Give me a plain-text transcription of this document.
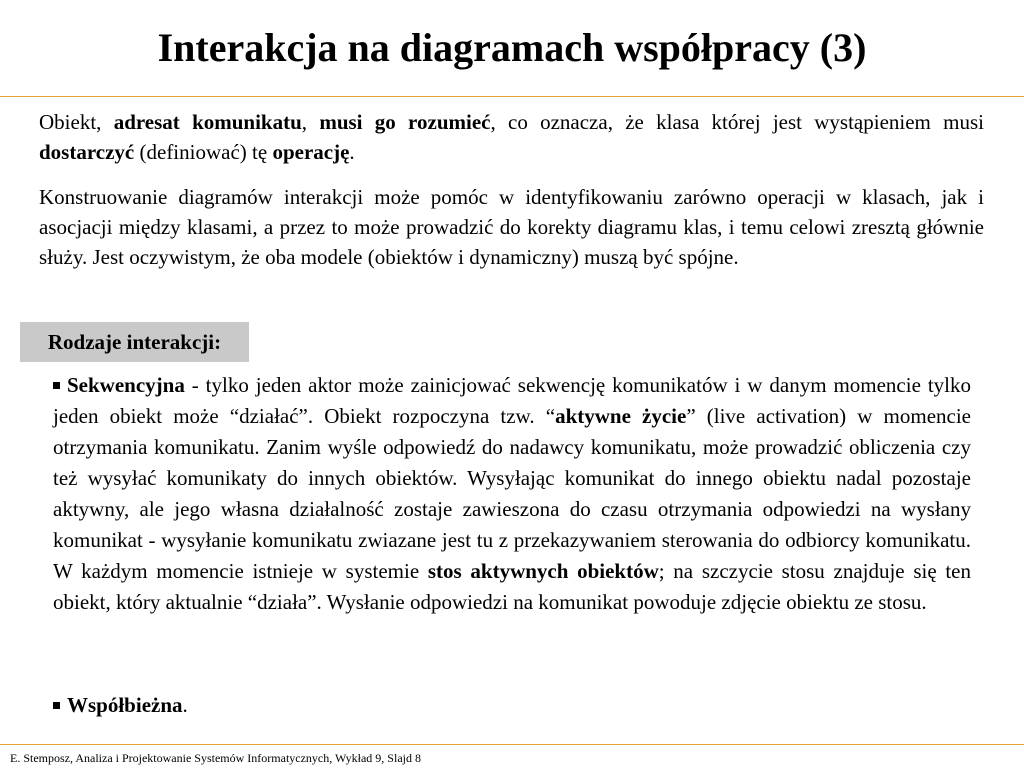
Interakcja na diagramach współpracy (3)

Obiekt, adresat komunikatu, musi go rozumieć, co oznacza, że klasa której jest wystąpieniem musi dostarczyć (definiować) tę operację.

Konstruowanie diagramów interakcji może pomóc w identyfikowaniu zarówno operacji w klasach, jak i asocjacji między klasami, a przez to może prowadzić do korekty diagramu klas, i temu celowi zresztą głównie służy. Jest oczywistym, że oba modele (obiektów i dynamiczny) muszą być spójne.

Rodzaje interakcji:

Sekwencyjna - tylko jeden aktor może zainicjować sekwencję komunikatów i w danym momencie tylko jeden obiekt może “działać”. Obiekt rozpoczyna tzw. “aktywne życie” (live activation) w momencie otrzymania komunikatu. Zanim wyśle odpowiedź do nadawcy komunikatu, może prowadzić obliczenia czy też wysyłać komunikaty do innych obiektów. Wysyłając komunikat do innego obiektu nadal pozostaje aktywny, ale jego własna działalność zostaje zawieszona do czasu otrzymania odpowiedzi na wysłany komunikat - wysyłanie komunikatu zwiazane jest tu z przekazywaniem sterowania do odbiorcy komunikatu. W każdym momencie istnieje w systemie stos aktywnych obiektów; na szczycie stosu znajduje się ten obiekt, który aktualnie “działa”. Wysłanie odpowiedzi na komunikat powoduje zdjęcie obiektu ze stosu.

Współbieżna.

E. Stemposz, Analiza i Projektowanie Systemów Informatycznych, Wykład 9, Slajd 8
